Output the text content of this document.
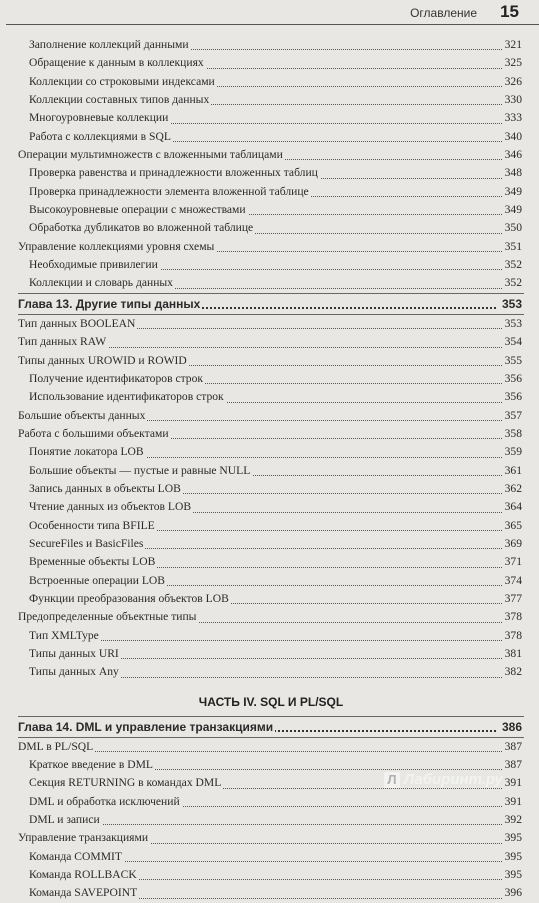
Оглавление 15
Заполнение коллекций данными	321
Обращение к данным в коллекциях	325
Коллекции со строковыми индексами	326
Коллекции составных типов данных	330
Многоуровневые коллекции	333
Работа с коллекциями в SQL	340
Операции мультимножеств с вложенными таблицами	346
Проверка равенства и принадлежности вложенных таблиц	348
Проверка принадлежности элемента вложенной таблице	349
Высокоуровневые операции с множествами	349
Обработка дубликатов во вложенной таблице	350
Управление коллекциями уровня схемы	351
Необходимые привилегии	352
Коллекции и словарь данных	352
Глава 13. Другие типы данных	353
Тип данных BOOLEAN	353
Тип данных RAW	354
Типы данных UROWID и ROWID	355
Получение идентификаторов строк	356
Использование идентификаторов строк	356
Большие объекты данных	357
Работа с большими объектами	358
Понятие локатора LOB	359
Большие объекты — пустые и равные NULL	361
Запись данных в объекты LOB	362
Чтение данных из объектов LOB	364
Особенности типа BFILE	365
SecureFiles и BasicFiles	369
Временные объекты LOB	371
Встроенные операции LOB	374
Функции преобразования объектов LOB	377
Предопределенные объектные типы	378
Тип XMLType	378
Типы данных URI	381
Типы данных Any	382
ЧАСТЬ IV. SQL И PL/SQL
Глава 14. DML и управление транзакциями	386
DML в PL/SQL	387
Краткое введение в DML	387
Секция RETURNING в командах DML	391
DML и обработка исключений	391
DML и записи	392
Управление транзакциями	395
Команда COMMIT	395
Команда ROLLBACK	395
Команда SAVEPOINT	396
Л Лабиринт.ру
